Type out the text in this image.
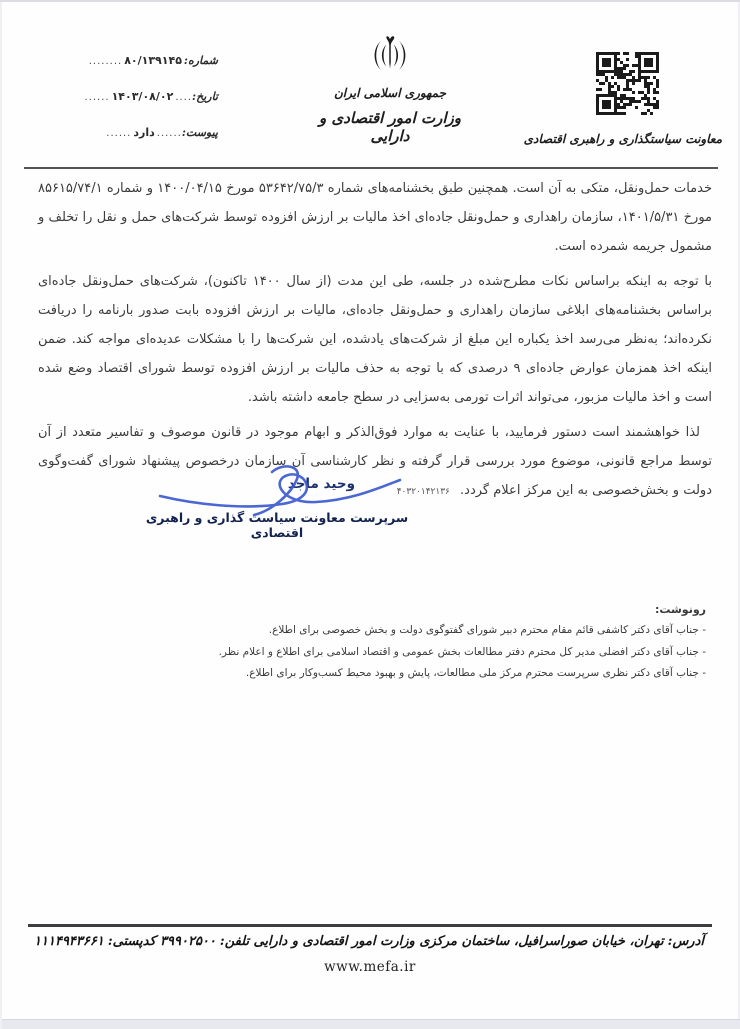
شماره:
۸۰/۱۳۹۱۴۵
........
تاریخ:
....
۱۴۰۳/۰۸/۰۲
......
پیوست:
......
دارد
......
جمهوری اسلامی ایران
وزارت امور اقتصادی و دارایی	معاونت سیاستگذاری و راهبری اقتصادی

خدمات حمل‌ونقل، متکی به آن است. همچنین طبق بخشنامه‌های شماره ۵۳۶۴۲/۷۵/۳ مورخ ۱۴۰۰/۰۴/۱۵ و شماره ۸۵۶۱۵/۷۴/۱ مورخ ۱۴۰۱/۵/۳۱، سازمان راهداری و حمل‌ونقل جاده‌ای اخذ مالیات بر ارزش افزوده توسط شرکت‌های حمل و نقل را تخلف و مشمول جریمه شمرده است.

با توجه به اینکه براساس نکات مطرح‌شده در جلسه، طی این مدت (از سال ۱۴۰۰ تاکنون)، شرکت‌های حمل‌ونقل جاده‌ای براساس بخشنامه‌های ابلاغی سازمان راهداری و حمل‌ونقل جاده‌ای، مالیات بر ارزش افزوده بابت صدور بارنامه را دریافت نکرده‌اند؛ به‌نظر می‌رسد اخذ یکباره این مبلغ از شرکت‌های یادشده، این شرکت‌ها را با مشکلات عدیده‌ای مواجه کند. ضمن اینکه اخذ همزمان عوارض جاده‌ای ۹ درصدی که با توجه به حذف مالیات بر ارزش افزوده توسط شورای اقتصاد وضع شده است و اخذ مالیات مزبور، می‌تواند اثرات تورمی به‌سزایی در سطح جامعه داشته باشد.

لذا خواهشمند است دستور فرمایید، با عنایت به موارد فوق‌الذکر و ابهام موجود در قانون موصوف و تفاسیر متعدد از آن توسط مراجع قانونی، موضوع مورد بررسی قرار گرفته و نظر کارشناسی آن سازمان درخصوص پیشنهاد شورای گفت‌وگوی دولت و بخش‌خصوصی به این مرکز اعلام گردد. ۴۰۳۲۰۱۴۲۱۳۶

وحید ماجد
سرپرست معاونت سیاست گذاری و راهبری اقتصادی
رونوشت:
- جناب آقای دکتر کاشفی قائم مقام محترم دبیر شورای گفتوگوی دولت و بخش خصوصی برای اطلاع.
- جناب آقای دکتر افضلی مدیر کل محترم دفتر مطالعات بخش عمومی و اقتصاد اسلامی برای اطلاع و اعلام نظر.
- جناب آقای دکتر نظری سرپرست محترم مرکز ملی مطالعات، پایش و بهبود محیط کسب‌وکار برای اطلاع.
آدرس:
تهران، خیابان صوراسرافیل، ساختمان مرکزی وزارت امور اقتصادی و دارایی
تلفن:
۳۹۹۰۲۵۰۰
کدپستی:
۱۱۱۴۹۴۳۶۶۱
www.mefa.ir
